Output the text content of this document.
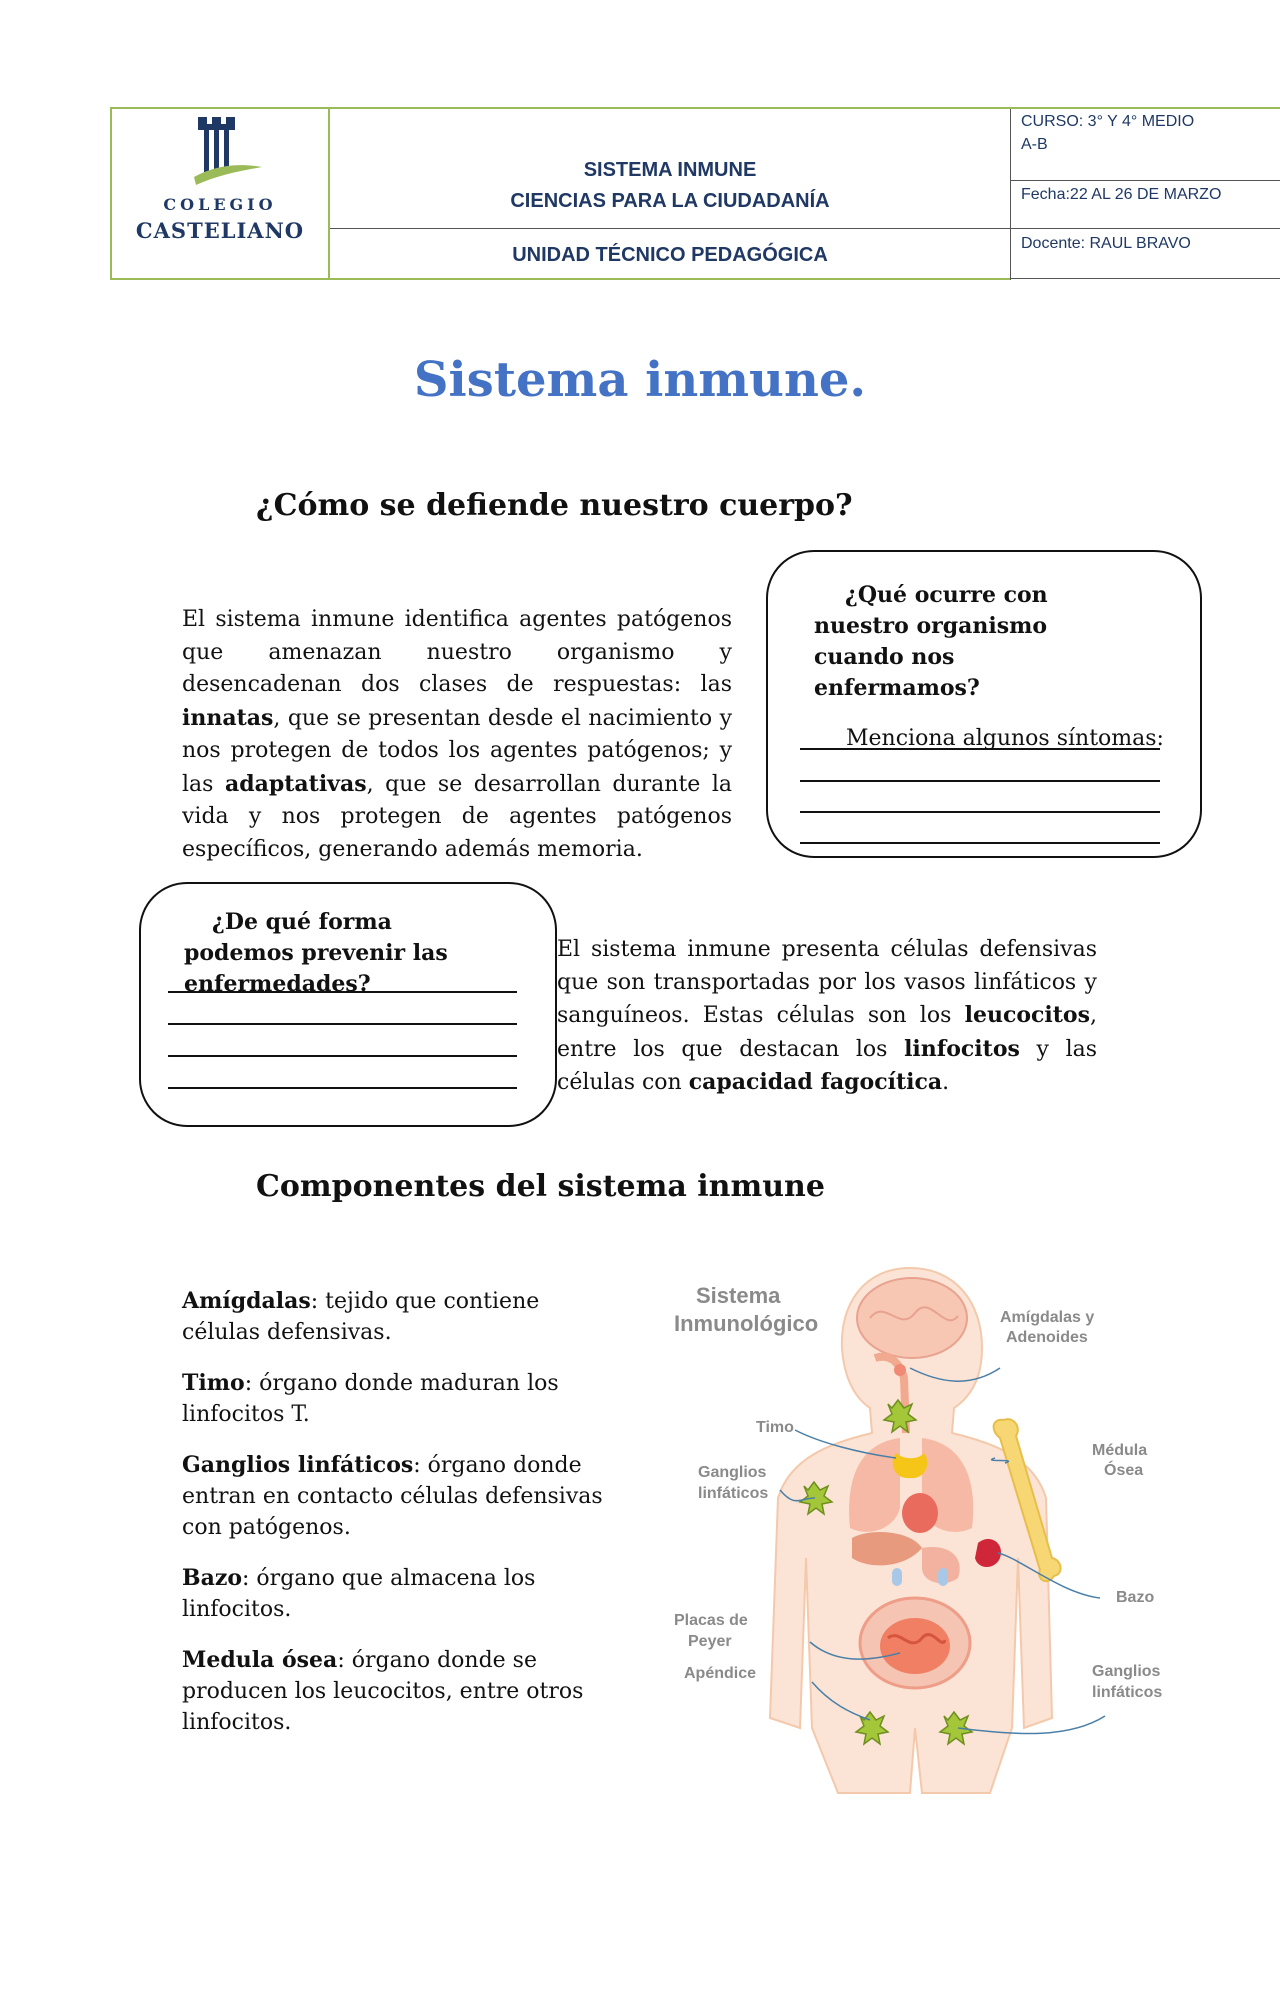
COLEGIO
CASTELIANO
SISTEMA INMUNE
CIENCIAS PARA LA CIUDADANÍA
UNIDAD TÉCNICO PEDAGÓGICA
CURSO: 3° Y 4° MEDIO
A-B
Fecha:22 AL 26 DE MARZO
Docente: RAUL BRAVO
Sistema inmune.
¿Cómo se defiende nuestro cuerpo?
El sistema inmune identifica agentes patógenos que amenazan nuestro organismo y desencadenan dos clases de respuestas: las innatas, que se presentan desde el nacimiento y nos protegen de todos los agentes patógenos; y las adaptativas, que se desarrollan durante la vida y nos protegen de agentes patógenos específicos, generando además memoria.
¿Qué ocurre con
nuestro organismo
cuando nos
enfermamos?
Menciona algunos síntomas:
¿De qué forma
podemos prevenir las
enfermedades?
El sistema inmune presenta células defensivas que son transportadas por los vasos linfáticos y sanguíneos. Estas células son los leucocitos, entre los que destacan los linfocitos y las células con capacidad fagocítica.
Componentes del sistema inmune

Amígdalas: tejido que contiene células defensivas.

Timo: órgano donde maduran los linfocitos T.

Ganglios linfáticos: órgano donde entran en contacto células defensivas con patógenos.

Bazo: órgano que almacena los linfocitos.

Medula ósea: órgano donde se producen los leucocitos, entre otros linfocitos.

Sistema
Inmunológico	Amígdalas y
Adenoides
Timo
Ganglios
linfáticos
Médula
Ósea
Bazo
Placas de
Peyer
Apéndice	Ganglios
linfáticos
